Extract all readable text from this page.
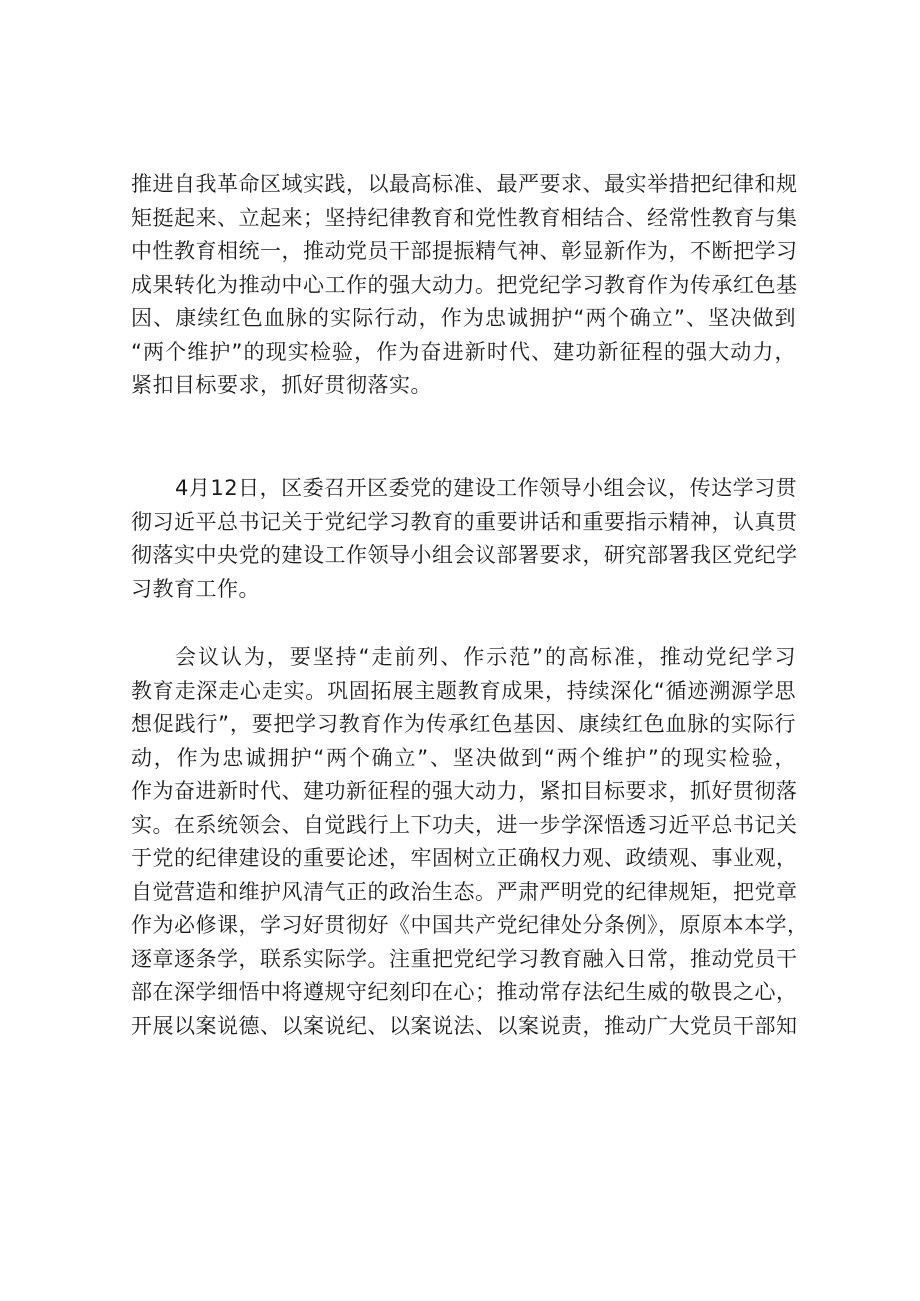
推进自我革命区域实践，以最高标准、最严要求、最实举措把纪律和规
矩挺起来、立起来；坚持纪律教育和党性教育相结合、经常性教育与集
中性教育相统一，推动党员干部提振精气神、彰显新作为，不断把学习
成果转化为推动中心工作的强大动力。把党纪学习教育作为传承红色基
因、康续红色血脉的实际行动，作为忠诚拥护“两个确立”、坚决做到
“两个维护”的现实检验，作为奋进新时代、建功新征程的强大动力，
紧扣目标要求，抓好贯彻落实。
4月12日，区委召开区委党的建设工作领导小组会议，传达学习贯
彻习近平总书记关于党纪学习教育的重要讲话和重要指示精神，认真贯
彻落实中央党的建设工作领导小组会议部署要求，研究部署我区党纪学
习教育工作。
会议认为，要坚持“走前列、作示范”的高标准，推动党纪学习
教育走深走心走实。巩固拓展主题教育成果，持续深化“循迹溯源学思
想促践行”，要把学习教育作为传承红色基因、康续红色血脉的实际行
动，作为忠诚拥护“两个确立”、坚决做到“两个维护”的现实检验，
作为奋进新时代、建功新征程的强大动力，紧扣目标要求，抓好贯彻落
实。在系统领会、自觉践行上下功夫，进一步学深悟透习近平总书记关
于党的纪律建设的重要论述，牢固树立正确权力观、政绩观、事业观，
自觉营造和维护风清气正的政治生态。严肃严明党的纪律规矩，把党章
作为必修课，学习好贯彻好《中国共产党纪律处分条例》，原原本本学，
逐章逐条学，联系实际学。注重把党纪学习教育融入日常，推动党员干
部在深学细悟中将遵规守纪刻印在心；推动常存法纪生威的敬畏之心，
开展以案说德、以案说纪、以案说法、以案说责，推动广大党员干部知
